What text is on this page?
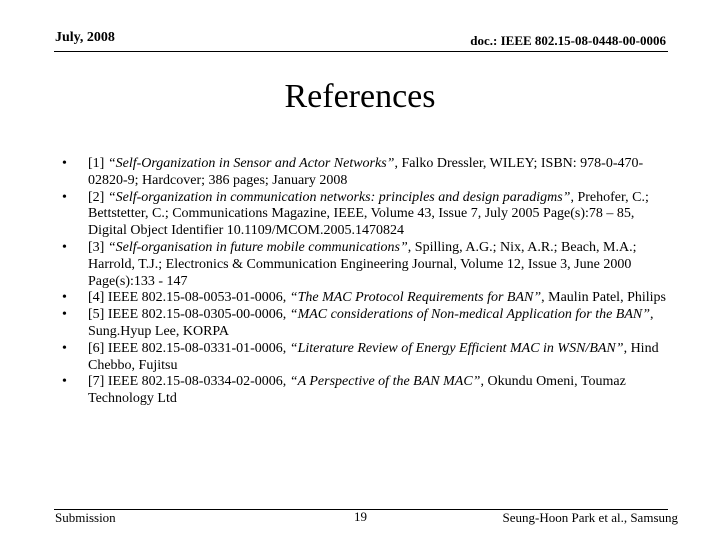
July, 2008	doc.: IEEE 802.15-08-0448-00-0006
References
• [1] “Self-Organization in Sensor and Actor Networks”, Falko Dressler, WILEY; ISBN: 978-0-470-02820-9; Hardcover; 386 pages; January 2008
• [2] “Self-organization in communication networks: principles and design paradigms”, Prehofer, C.; Bettstetter, C.; Communications Magazine, IEEE, Volume 43, Issue 7, July 2005 Page(s):78 – 85, Digital Object Identifier 10.1109/MCOM.2005.1470824
• [3] “Self-organisation in future mobile communications”, Spilling, A.G.; Nix, A.R.; Beach, M.A.; Harrold, T.J.; Electronics & Communication Engineering Journal, Volume 12, Issue 3, June 2000 Page(s):133 - 147
• [4] IEEE 802.15-08-0053-01-0006, “The MAC Protocol Requirements for BAN”, Maulin Patel, Philips
• [5] IEEE 802.15-08-0305-00-0006, “MAC considerations of Non-medical Application for the BAN”, Sung.Hyup Lee, KORPA
• [6] IEEE 802.15-08-0331-01-0006, “Literature Review of Energy Efficient MAC in WSN/BAN”, Hind Chebbo, Fujitsu
• [7] IEEE 802.15-08-0334-02-0006, “A Perspective of the BAN MAC”, Okundu Omeni, Toumaz Technology Ltd
Submission	19	Seung-Hoon Park et al., Samsung
